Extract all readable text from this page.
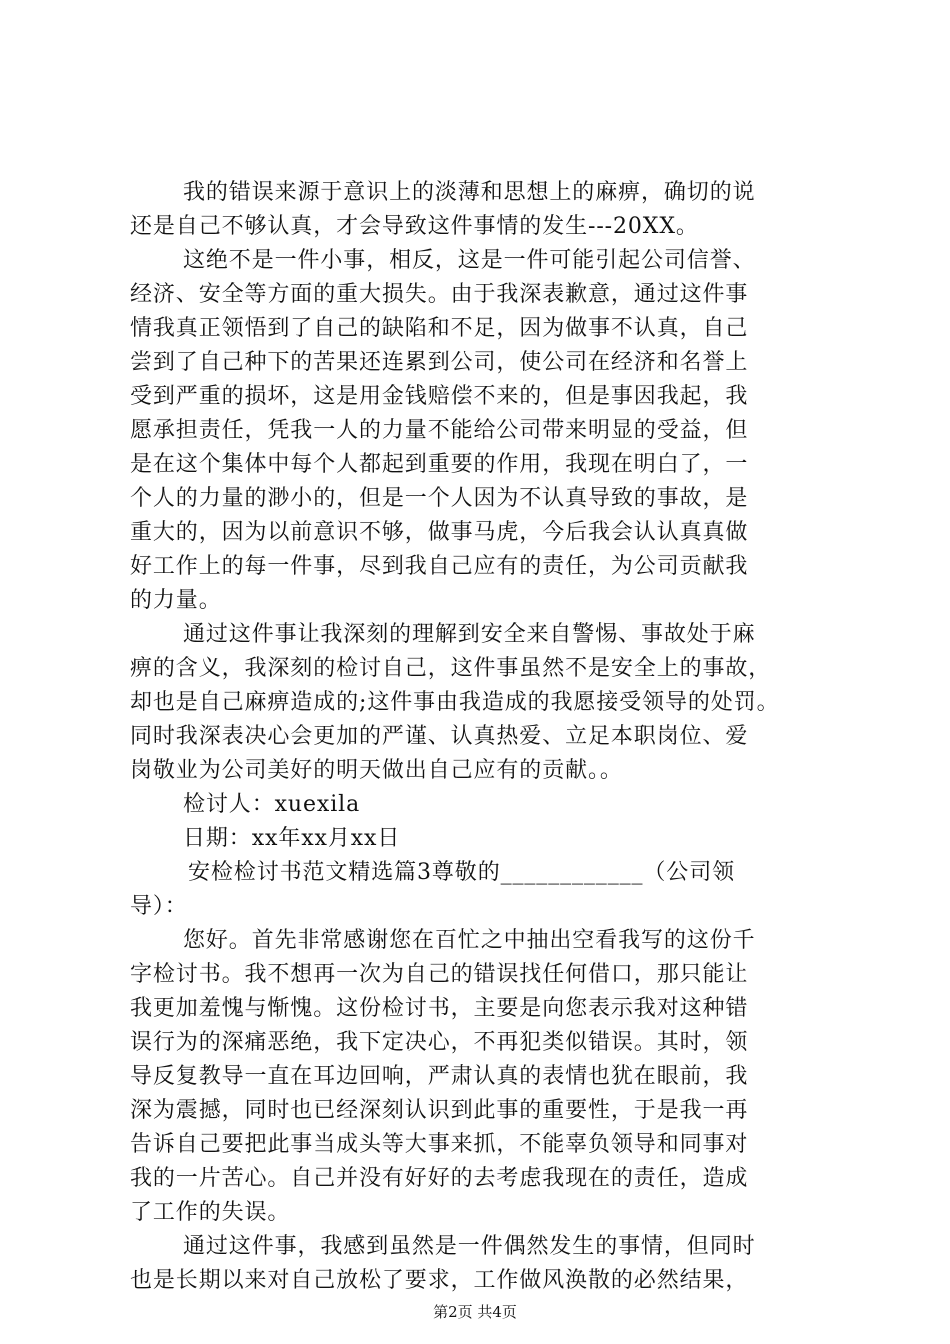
我的错误来源于意识上的淡薄和思想上的麻痹，确切的说
还是自己不够认真，才会导致这件事情的发生---20XX。
这绝不是一件小事，相反，这是一件可能引起公司信誉、
经济、安全等方面的重大损失。由于我深表歉意，通过这件事
情我真正领悟到了自己的缺陷和不足，因为做事不认真，自己
尝到了自己种下的苦果还连累到公司，使公司在经济和名誉上
受到严重的损坏，这是用金钱赔偿不来的，但是事因我起，我
愿承担责任，凭我一人的力量不能给公司带来明显的受益，但
是在这个集体中每个人都起到重要的作用，我现在明白了，一
个人的力量的渺小的，但是一个人因为不认真导致的事故，是
重大的，因为以前意识不够，做事马虎，今后我会认认真真做
好工作上的每一件事，尽到我自己应有的责任，为公司贡献我
的力量。
通过这件事让我深刻的理解到安全来自警惕、事故处于麻
痹的含义，我深刻的检讨自己，这件事虽然不是安全上的事故，
却也是自己麻痹造成的;这件事由我造成的我愿接受领导的处罚。
同时我深表决心会更加的严谨、认真热爱、立足本职岗位、爱
岗敬业为公司美好的明天做出自己应有的贡献。。
检讨人：xuexila
日期：xx年xx月xx日
安检检讨书范文精选篇3尊敬的____________（公司领
导）：
您好。首先非常感谢您在百忙之中抽出空看我写的这份千
字检讨书。我不想再一次为自己的错误找任何借口，那只能让
我更加羞愧与惭愧。这份检讨书，主要是向您表示我对这种错
误行为的深痛恶绝，我下定决心，不再犯类似错误。其时，领
导反复教导一直在耳边回响，严肃认真的表情也犹在眼前，我
深为震撼，同时也已经深刻认识到此事的重要性，于是我一再
告诉自己要把此事当成头等大事来抓，不能辜负领导和同事对
我的一片苦心。自己并没有好好的去考虑我现在的责任，造成
了工作的失误。
通过这件事，我感到虽然是一件偶然发生的事情，但同时
也是长期以来对自己放松了要求，工作做风涣散的必然结果，
第2页 共4页
